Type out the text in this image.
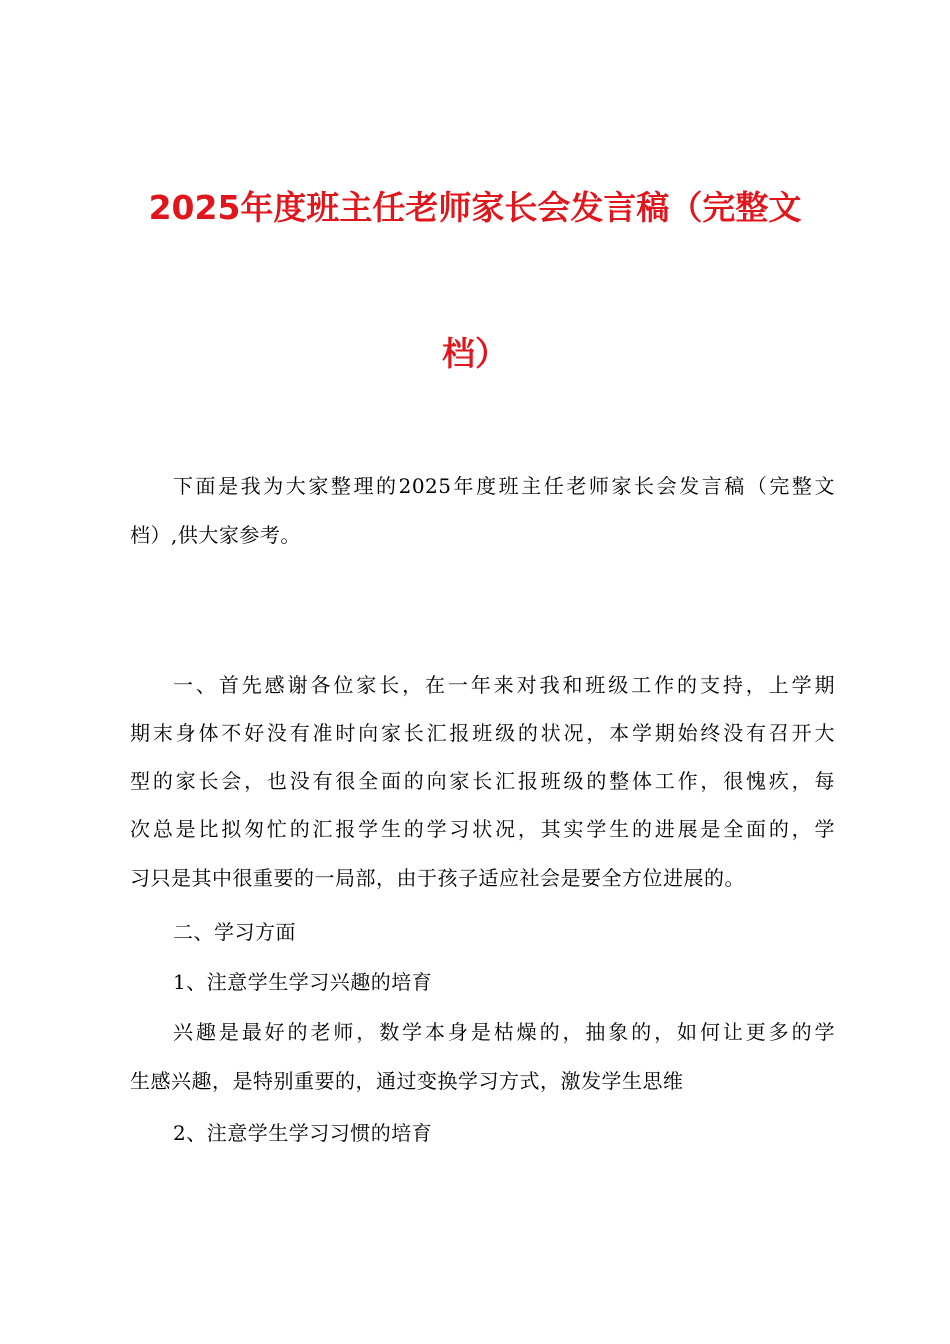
2025年度班主任老师家长会发言稿（完整文
档）
下面是我为大家整理的2025年度班主任老师家长会发言稿（完整文
档）,供大家参考。
一、首先感谢各位家长，在一年来对我和班级工作的支持，上学期
期末身体不好没有准时向家长汇报班级的状况，本学期始终没有召开大
型的家长会，也没有很全面的向家长汇报班级的整体工作，很愧疚，每
次总是比拟匆忙的汇报学生的学习状况，其实学生的进展是全面的，学
习只是其中很重要的一局部，由于孩子适应社会是要全方位进展的。
二、学习方面
1、注意学生学习兴趣的培育
兴趣是最好的老师，数学本身是枯燥的，抽象的，如何让更多的学
生感兴趣，是特别重要的，通过变换学习方式，激发学生思维
2、注意学生学习习惯的培育
